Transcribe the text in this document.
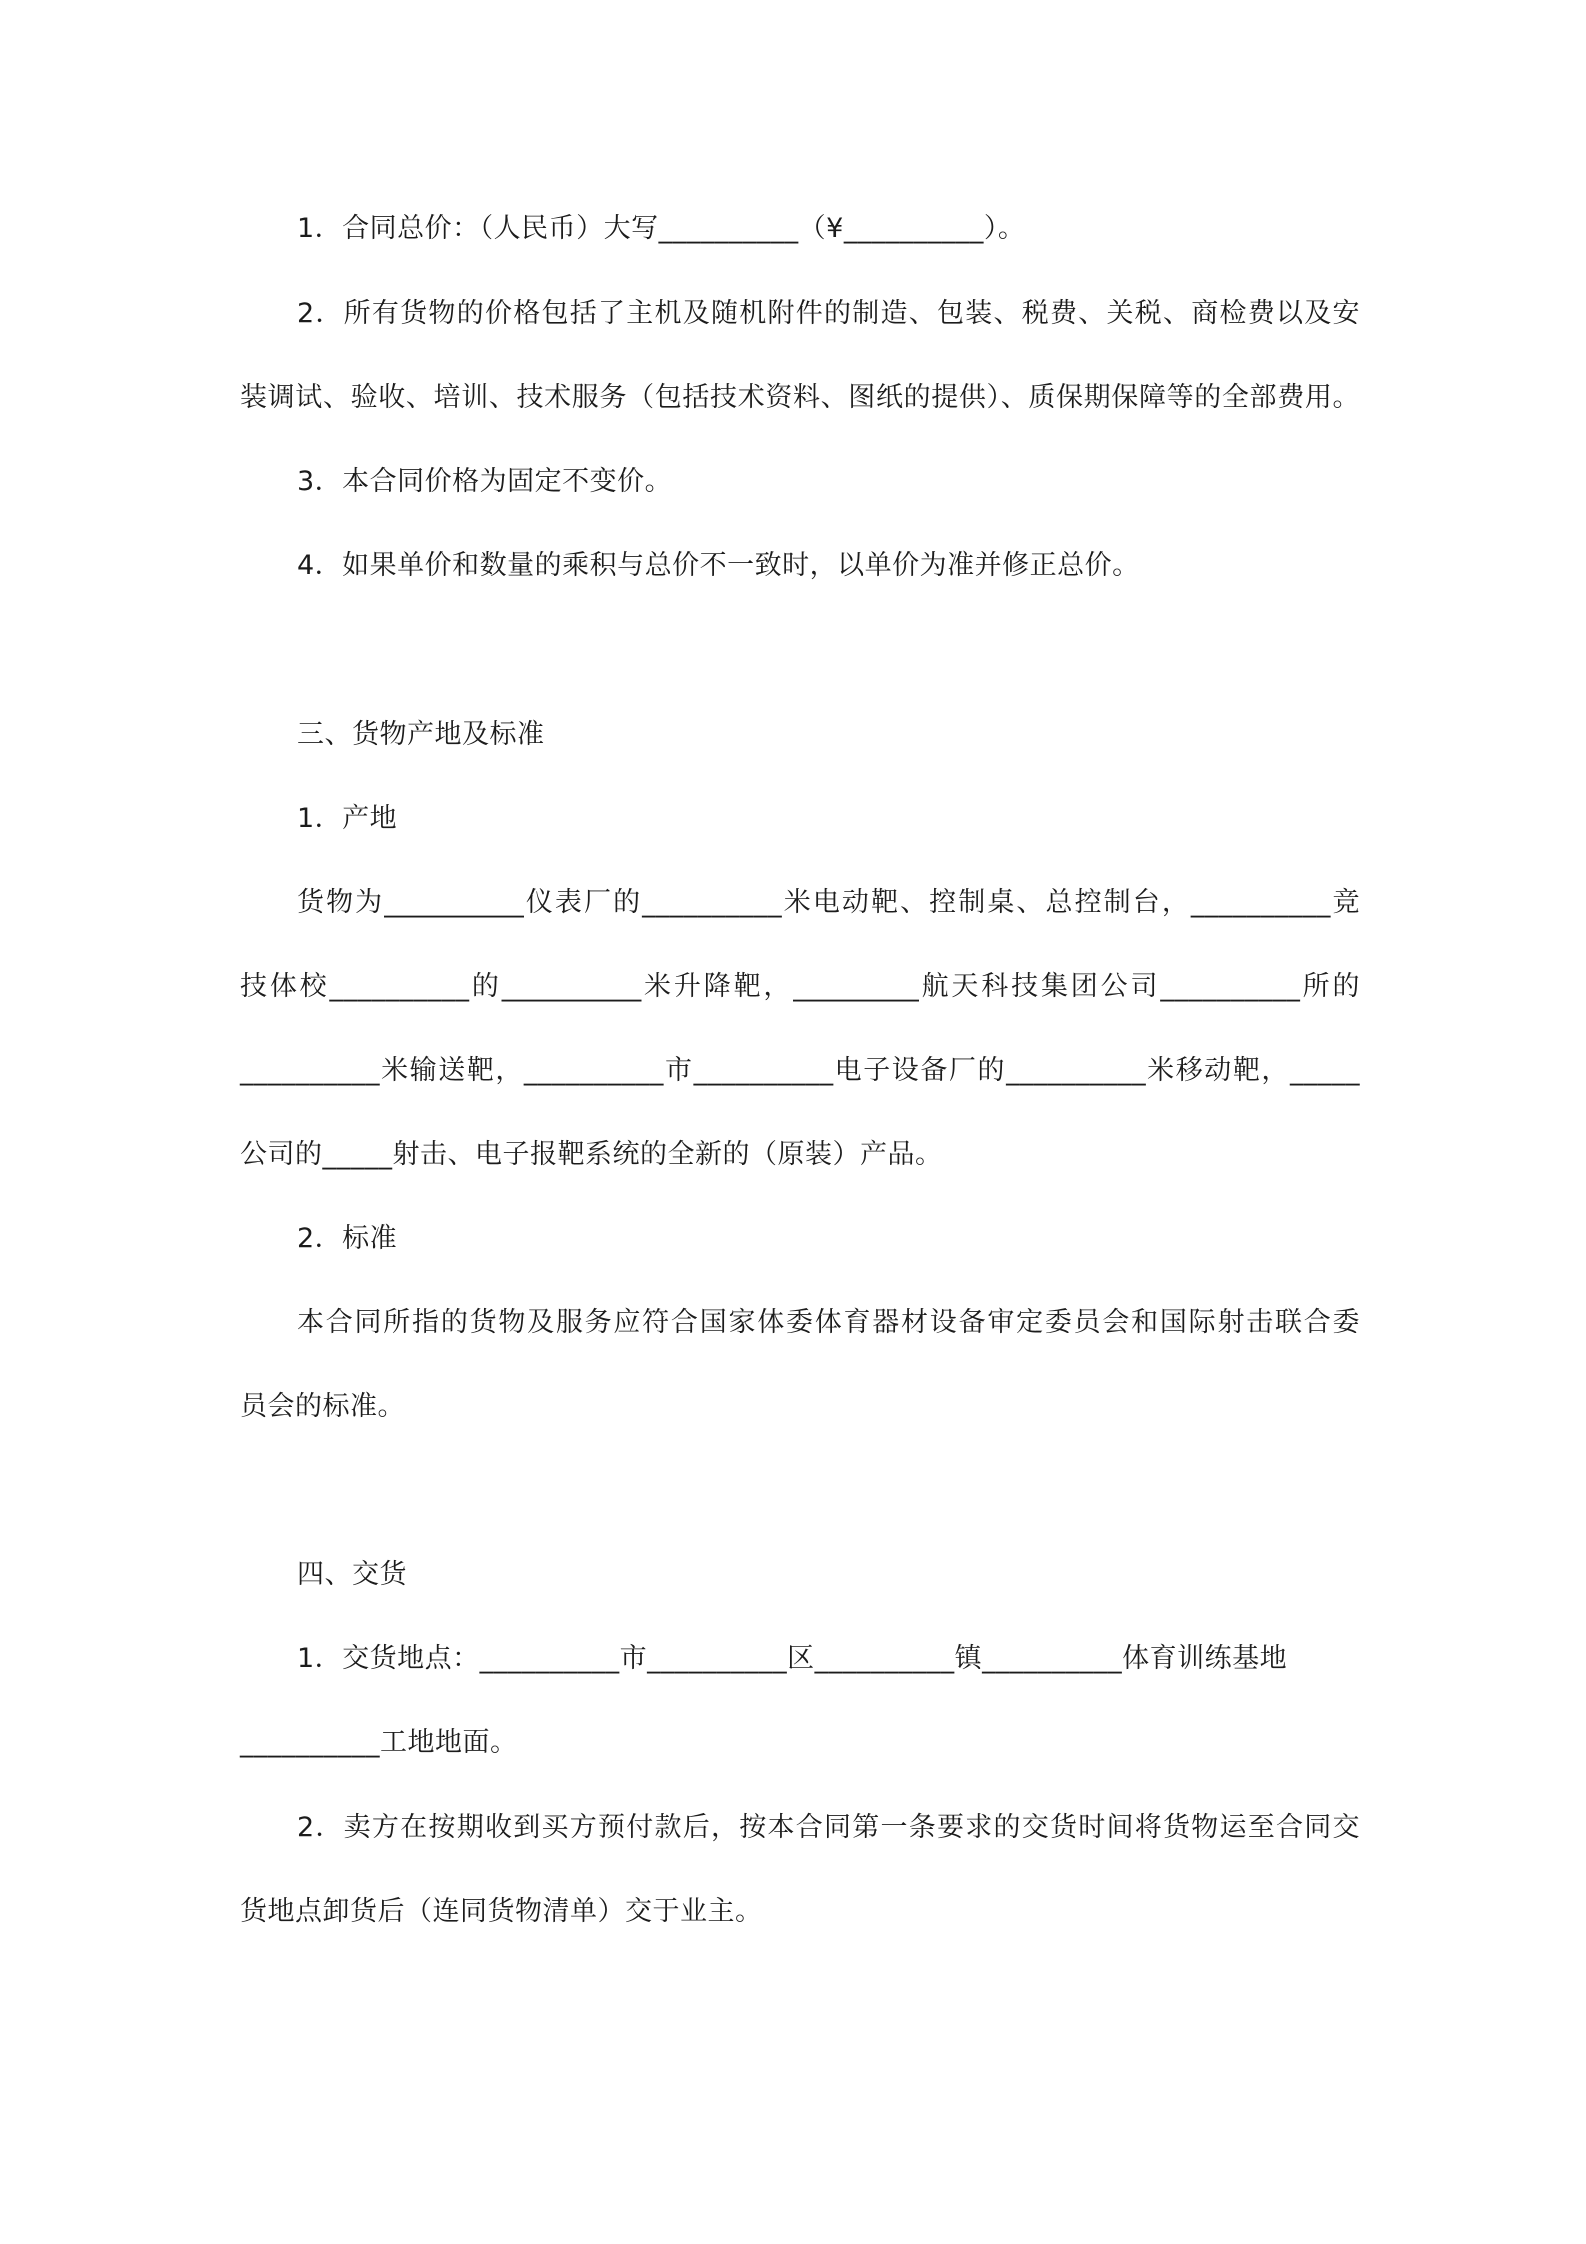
1．合同总价：（人民币）大写__________（¥__________）。
2．所有货物的价格包括了主机及随机附件的制造、包装、税费、关税、商检费以及安
装调试、验收、培训、技术服务（包括技术资料、图纸的提供）、质保期保障等的全部费用。
3．本合同价格为固定不变价。
4．如果单价和数量的乘积与总价不一致时，以单价为准并修正总价。
三、货物产地及标准
1．产地
货物为__________仪表厂的__________米电动靶、控制桌、总控制台，__________竞
技体校__________的__________米升降靶，_________航天科技集团公司__________所的
__________米输送靶，__________市__________电子设备厂的__________米移动靶，_____
公司的_____射击、电子报靶系统的全新的（原装）产品。
2．标准
本合同所指的货物及服务应符合国家体委体育器材设备审定委员会和国际射击联合委
员会的标准。
四、交货
1．交货地点：__________市__________区__________镇__________体育训练基地
__________工地地面。
2．卖方在按期收到买方预付款后，按本合同第一条要求的交货时间将货物运至合同交
货地点卸货后（连同货物清单）交于业主。
